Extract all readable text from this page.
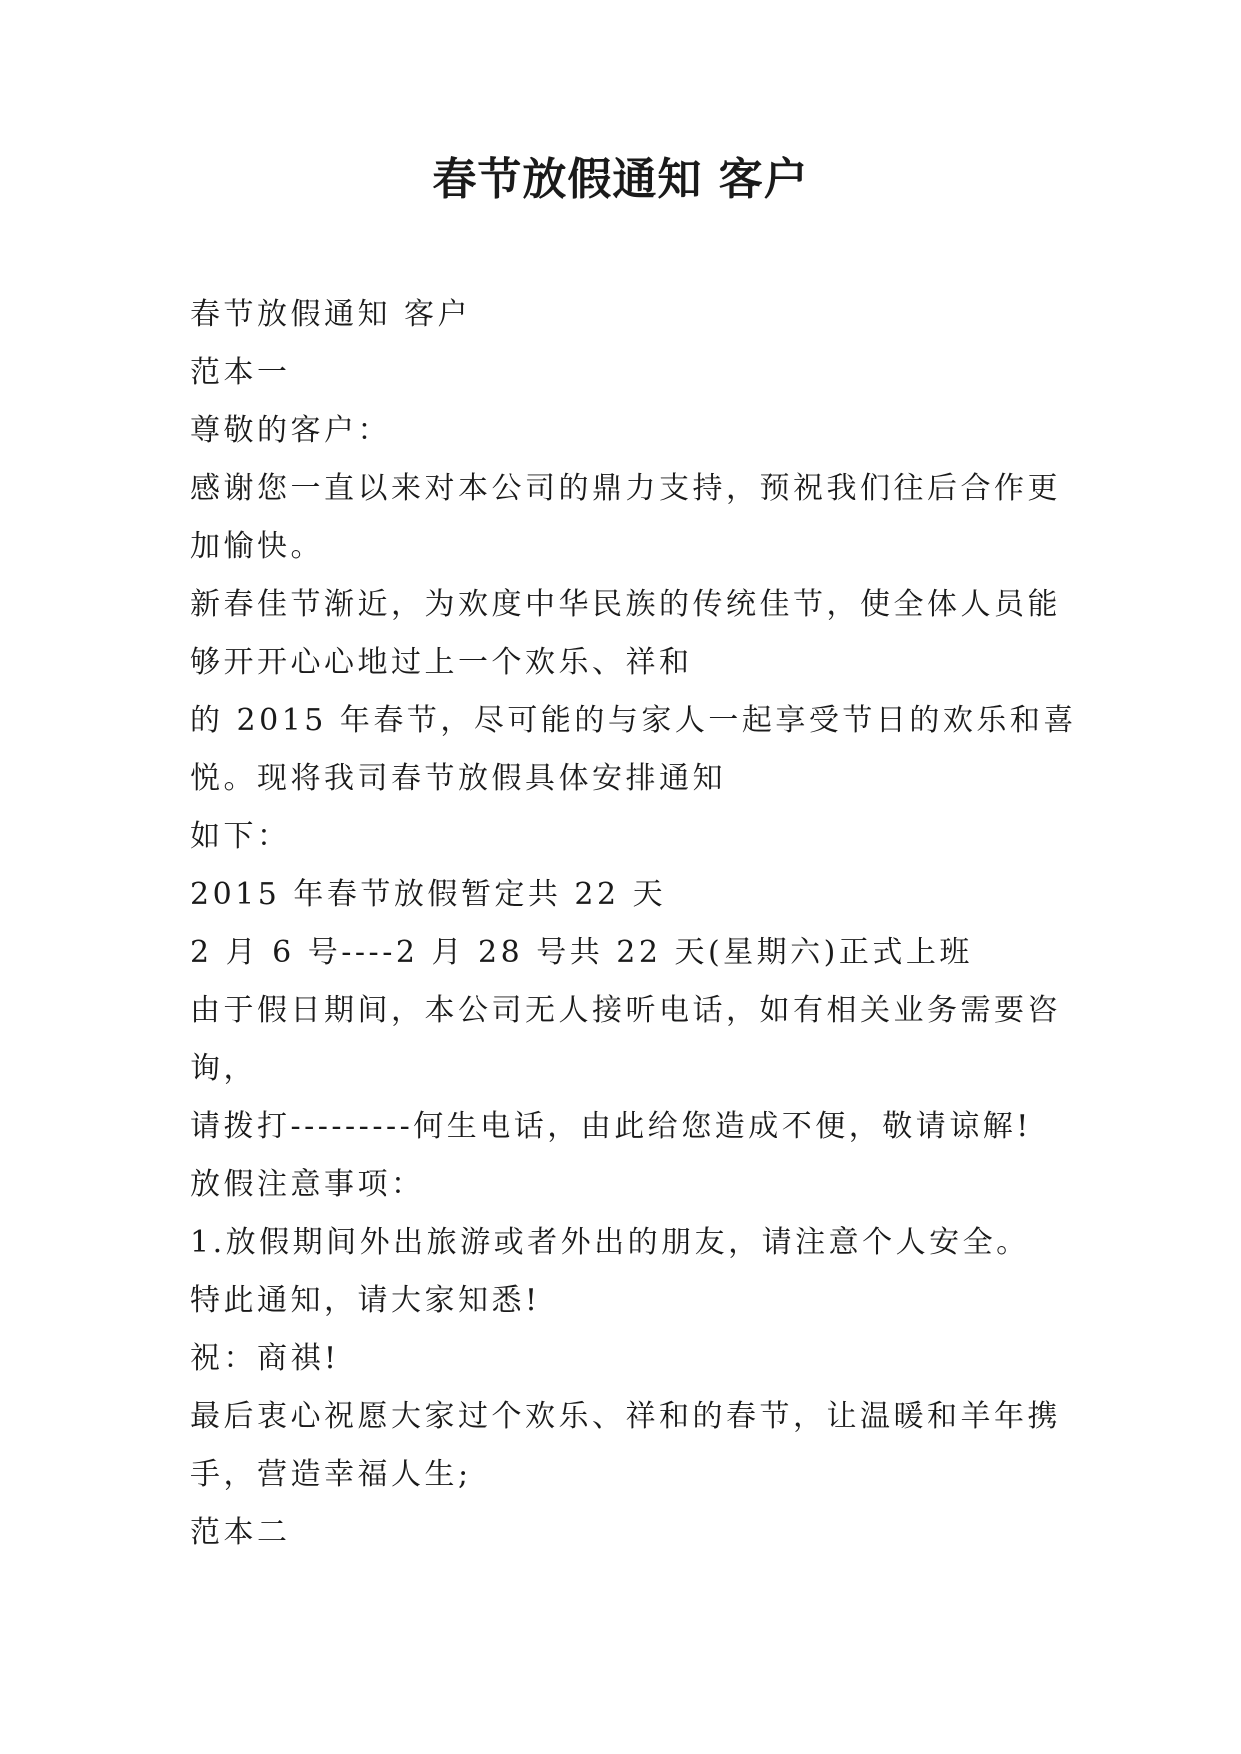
春节放假通知 客户

春节放假通知 客户

范本一

尊敬的客户：

感谢您一直以来对本公司的鼎力支持，预祝我们往后合作更

加愉快。

新春佳节渐近，为欢度中华民族的传统佳节，使全体人员能

够开开心心地过上一个欢乐、祥和

的 2015 年春节，尽可能的与家人一起享受节日的欢乐和喜

悦。现将我司春节放假具体安排通知

如下：

2015 年春节放假暂定共 22 天

2 月 6 号----2 月 28 号共 22 天(星期六)正式上班

由于假日期间，本公司无人接听电话，如有相关业务需要咨

询，

请拨打---------何生电话，由此给您造成不便，敬请谅解!

放假注意事项：

1.放假期间外出旅游或者外出的朋友，请注意个人安全。

特此通知，请大家知悉!

祝：商祺!

最后衷心祝愿大家过个欢乐、祥和的春节，让温暖和羊年携

手，营造幸福人生;

范本二
